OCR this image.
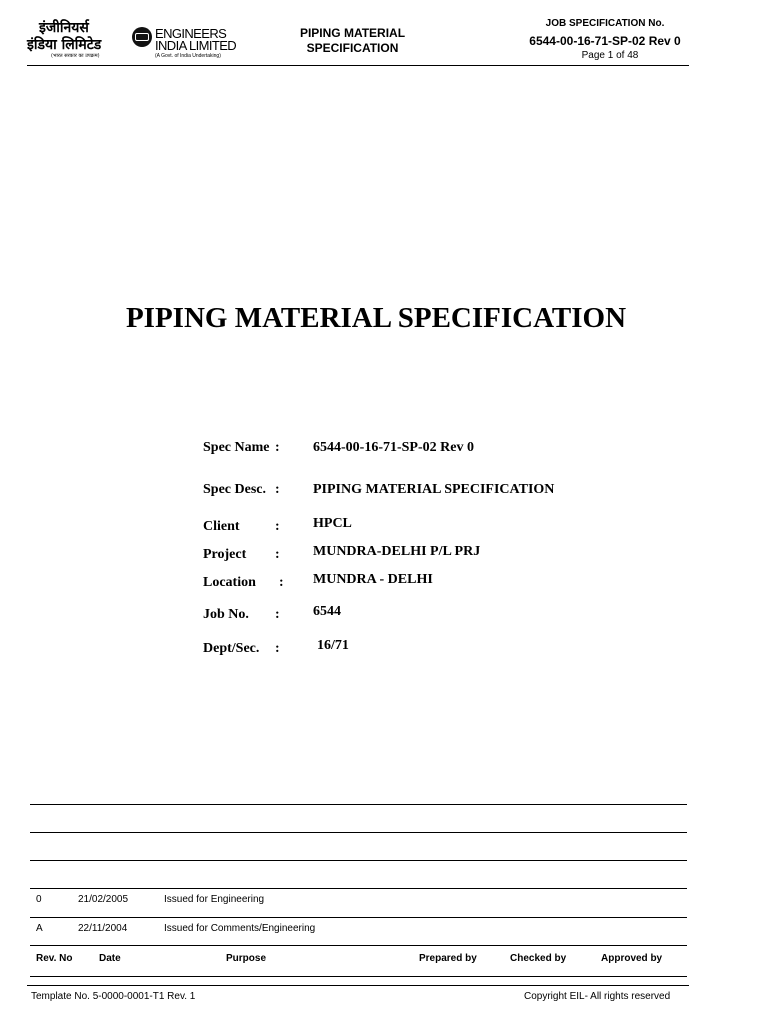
इंजीनियर्स
इंडिया लिमिटेड
(भारत सरकार का उपक्रम)
ENGINEERS
INDIA LIMITED
(A Govt. of India Undertaking)
PIPING MATERIAL
SPECIFICATION
JOB SPECIFICATION No.
6544-00-16-71-SP-02 Rev 0
Page 1 of 48
PIPING MATERIAL SPECIFICATION
Spec Name : 6544-00-16-71-SP-02 Rev 0
Spec Desc. : PIPING MATERIAL SPECIFICATION
Client	: HPCL
Project : MUNDRA-DELHI P/L PRJ
Location : MUNDRA - DELHI
Job No. : 6544
Dept/Sec. :	16/71
0	21/02/2005	Issued for Engineering
A	22/11/2004	Issued for Comments/Engineering
Rev. No	Date	Purpose	Prepared by	Checked by	Approved by
Template No. 5-0000-0001-T1 Rev. 1	Copyright EIL- All rights reserved
